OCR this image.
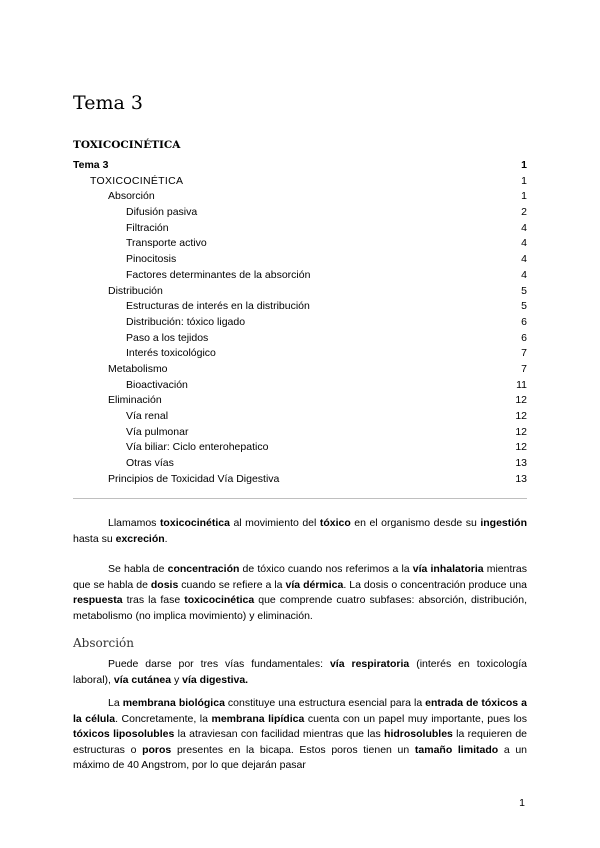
Tema 3
TOXICOCINÉTICA
Tema 3	1
TOXICOCINÉTICA	1
Absorción	1
Difusión pasiva	2
Filtración	4
Transporte activo	4
Pinocitosis	4
Factores determinantes de la absorción	4
Distribución	5
Estructuras de interés en la distribución	5
Distribución: tóxico ligado	6
Paso a los tejidos	6
Interés toxicológico	7
Metabolismo	7
Bioactivación	11
Eliminación	12
Vía renal	12
Vía pulmonar	12
Vía biliar: Ciclo enterohepatico	12
Otras vías	13
Principios de Toxicidad Vía Digestiva	13

Llamamos toxicocinética al movimiento del tóxico en el organismo desde su ingestión hasta su excreción.

Se habla de concentración de tóxico cuando nos referimos a la vía inhalatoria mientras que se habla de dosis cuando se refiere a la vía dérmica. La dosis o concentración produce una respuesta tras la fase toxicocinética que comprende cuatro subfases: absorción, distribución, metabolismo (no implica movimiento) y eliminación.

Absorción

Puede darse por tres vías fundamentales: vía respiratoria (interés en toxicología laboral), vía cutánea y vía digestiva.

La membrana biológica constituye una estructura esencial para la entrada de tóxicos a la célula. Concretamente, la membrana lipídica cuenta con un papel muy importante, pues los tóxicos liposolubles la atraviesan con facilidad mientras que las hidrosolubles la requieren de estructuras o poros presentes en la bicapa. Estos poros tienen un tamaño limitado a un máximo de 40 Angstrom, por lo que dejarán pasar

1
